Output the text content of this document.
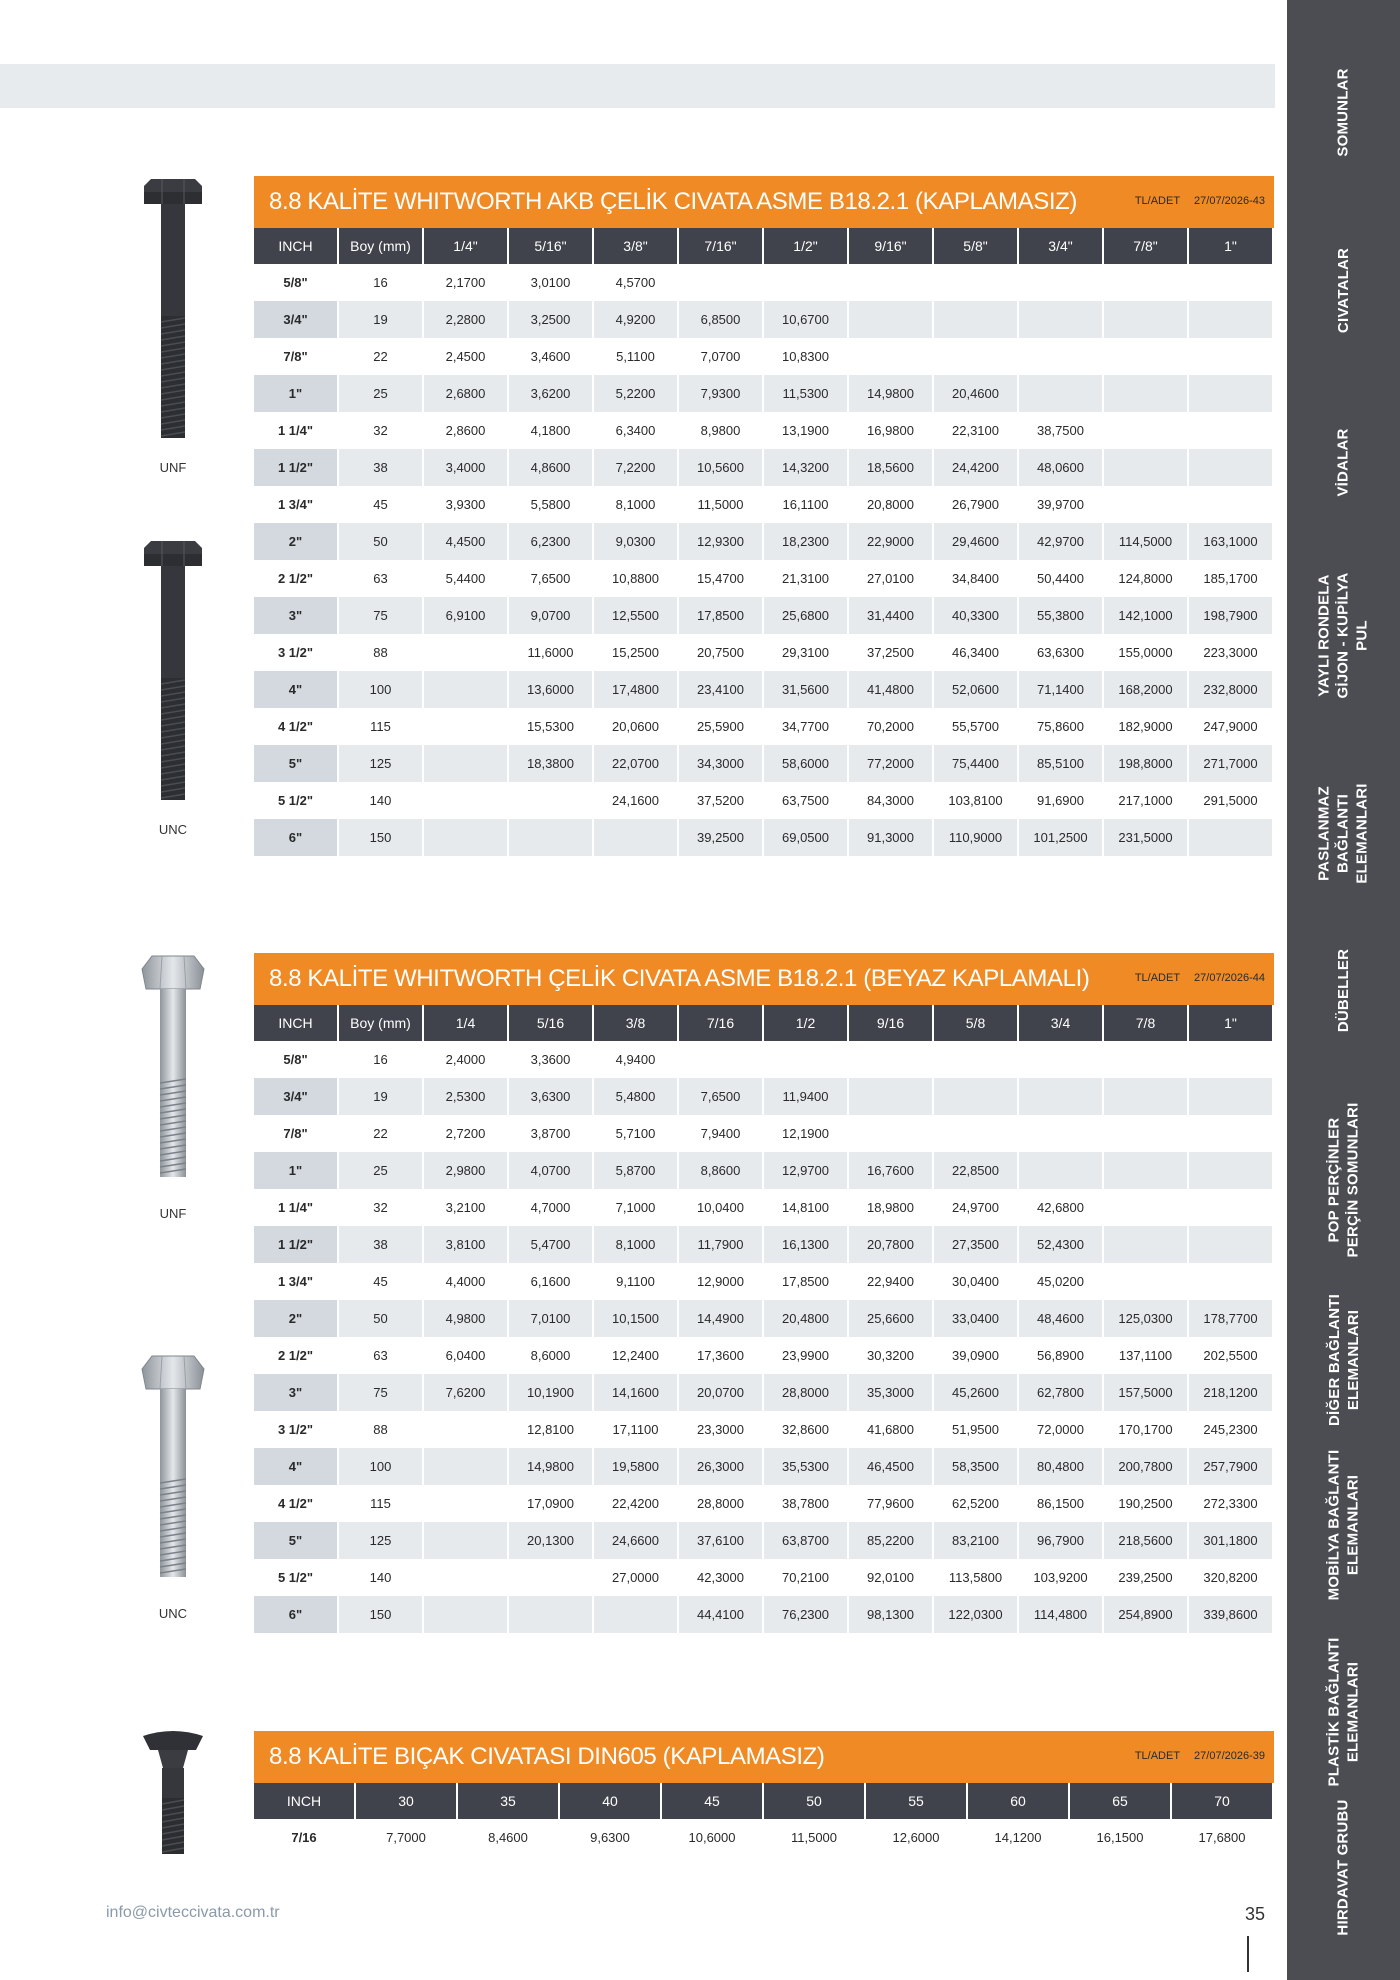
SOMUNLAR
CIVATALAR
VİDALAR
YAYLI RONDELA
GİJON - KUPİLYA
PUL
PASLANMAZ
BAĞLANTI
ELEMANLARI
DÜBELLER
POP PERÇİNLER
PERÇİN SOMUNLARI
DİĞER BAĞLANTI
ELEMANLARI
MOBİLYA BAĞLANTI
ELEMANLARI
PLASTİK BAĞLANTI
ELEMANLARI
HIRDAVAT GRUBU
UNF
UNC
UNF
UNC
8.8 KALİTE WHITWORTH AKB ÇELİK CIVATA ASME B18.2.1 (KAPLAMASIZ)	TL/ADET 27/07/2026-43
INCH	Boy (mm)	1/4"	5/16"	3/8"	7/16"	1/2"	9/16"	5/8"	3/4"	7/8"	1"
5/8"	16	2,1700	3,0100	4,5700							
3/4"	19	2,2800	3,2500	4,9200	6,8500	10,6700					
7/8"	22	2,4500	3,4600	5,1100	7,0700	10,8300					
1"	25	2,6800	3,6200	5,2200	7,9300	11,5300	14,9800	20,4600			
1 1/4"	32	2,8600	4,1800	6,3400	8,9800	13,1900	16,9800	22,3100	38,7500		
1 1/2"	38	3,4000	4,8600	7,2200	10,5600	14,3200	18,5600	24,4200	48,0600		
1 3/4"	45	3,9300	5,5800	8,1000	11,5000	16,1100	20,8000	26,7900	39,9700		
2"	50	4,4500	6,2300	9,0300	12,9300	18,2300	22,9000	29,4600	42,9700	114,5000	163,1000
2 1/2"	63	5,4400	7,6500	10,8800	15,4700	21,3100	27,0100	34,8400	50,4400	124,8000	185,1700
3"	75	6,9100	9,0700	12,5500	17,8500	25,6800	31,4400	40,3300	55,3800	142,1000	198,7900
3 1/2"	88		11,6000	15,2500	20,7500	29,3100	37,2500	46,3400	63,6300	155,0000	223,3000
4"	100		13,6000	17,4800	23,4100	31,5600	41,4800	52,0600	71,1400	168,2000	232,8000
4 1/2"	115		15,5300	20,0600	25,5900	34,7700	70,2000	55,5700	75,8600	182,9000	247,9000
5"	125		18,3800	22,0700	34,3000	58,6000	77,2000	75,4400	85,5100	198,8000	271,7000
5 1/2"	140			24,1600	37,5200	63,7500	84,3000	103,8100	91,6900	217,1000	291,5000
6"	150				39,2500	69,0500	91,3000	110,9000	101,2500	231,5000	
8.8 KALİTE WHITWORTH ÇELİK CIVATA ASME B18.2.1 (BEYAZ KAPLAMALI)	TL/ADET 27/07/2026-44
INCH	Boy (mm)	1/4	5/16	3/8	7/16	1/2	9/16	5/8	3/4	7/8	1"
5/8"	16	2,4000	3,3600	4,9400							
3/4"	19	2,5300	3,6300	5,4800	7,6500	11,9400					
7/8"	22	2,7200	3,8700	5,7100	7,9400	12,1900					
1"	25	2,9800	4,0700	5,8700	8,8600	12,9700	16,7600	22,8500			
1 1/4"	32	3,2100	4,7000	7,1000	10,0400	14,8100	18,9800	24,9700	42,6800		
1 1/2"	38	3,8100	5,4700	8,1000	11,7900	16,1300	20,7800	27,3500	52,4300		
1 3/4"	45	4,4000	6,1600	9,1100	12,9000	17,8500	22,9400	30,0400	45,0200		
2"	50	4,9800	7,0100	10,1500	14,4900	20,4800	25,6600	33,0400	48,4600	125,0300	178,7700
2 1/2"	63	6,0400	8,6000	12,2400	17,3600	23,9900	30,3200	39,0900	56,8900	137,1100	202,5500
3"	75	7,6200	10,1900	14,1600	20,0700	28,8000	35,3000	45,2600	62,7800	157,5000	218,1200
3 1/2"	88		12,8100	17,1100	23,3000	32,8600	41,6800	51,9500	72,0000	170,1700	245,2300
4"	100		14,9800	19,5800	26,3000	35,5300	46,4500	58,3500	80,4800	200,7800	257,7900
4 1/2"	115		17,0900	22,4200	28,8000	38,7800	77,9600	62,5200	86,1500	190,2500	272,3300
5"	125		20,1300	24,6600	37,6100	63,8700	85,2200	83,2100	96,7900	218,5600	301,1800
5 1/2"	140			27,0000	42,3000	70,2100	92,0100	113,5800	103,9200	239,2500	320,8200
6"	150				44,4100	76,2300	98,1300	122,0300	114,4800	254,8900	339,8600
8.8 KALİTE BIÇAK CIVATASI DIN605 (KAPLAMASIZ)	TL/ADET 27/07/2026-39
INCH	30	35	40	45	50	55	60	65	70
7/16	7,7000	8,4600	9,6300	10,6000	11,5000	12,6000	14,1200	16,1500	17,6800
info@civteccivata.com.tr	35
